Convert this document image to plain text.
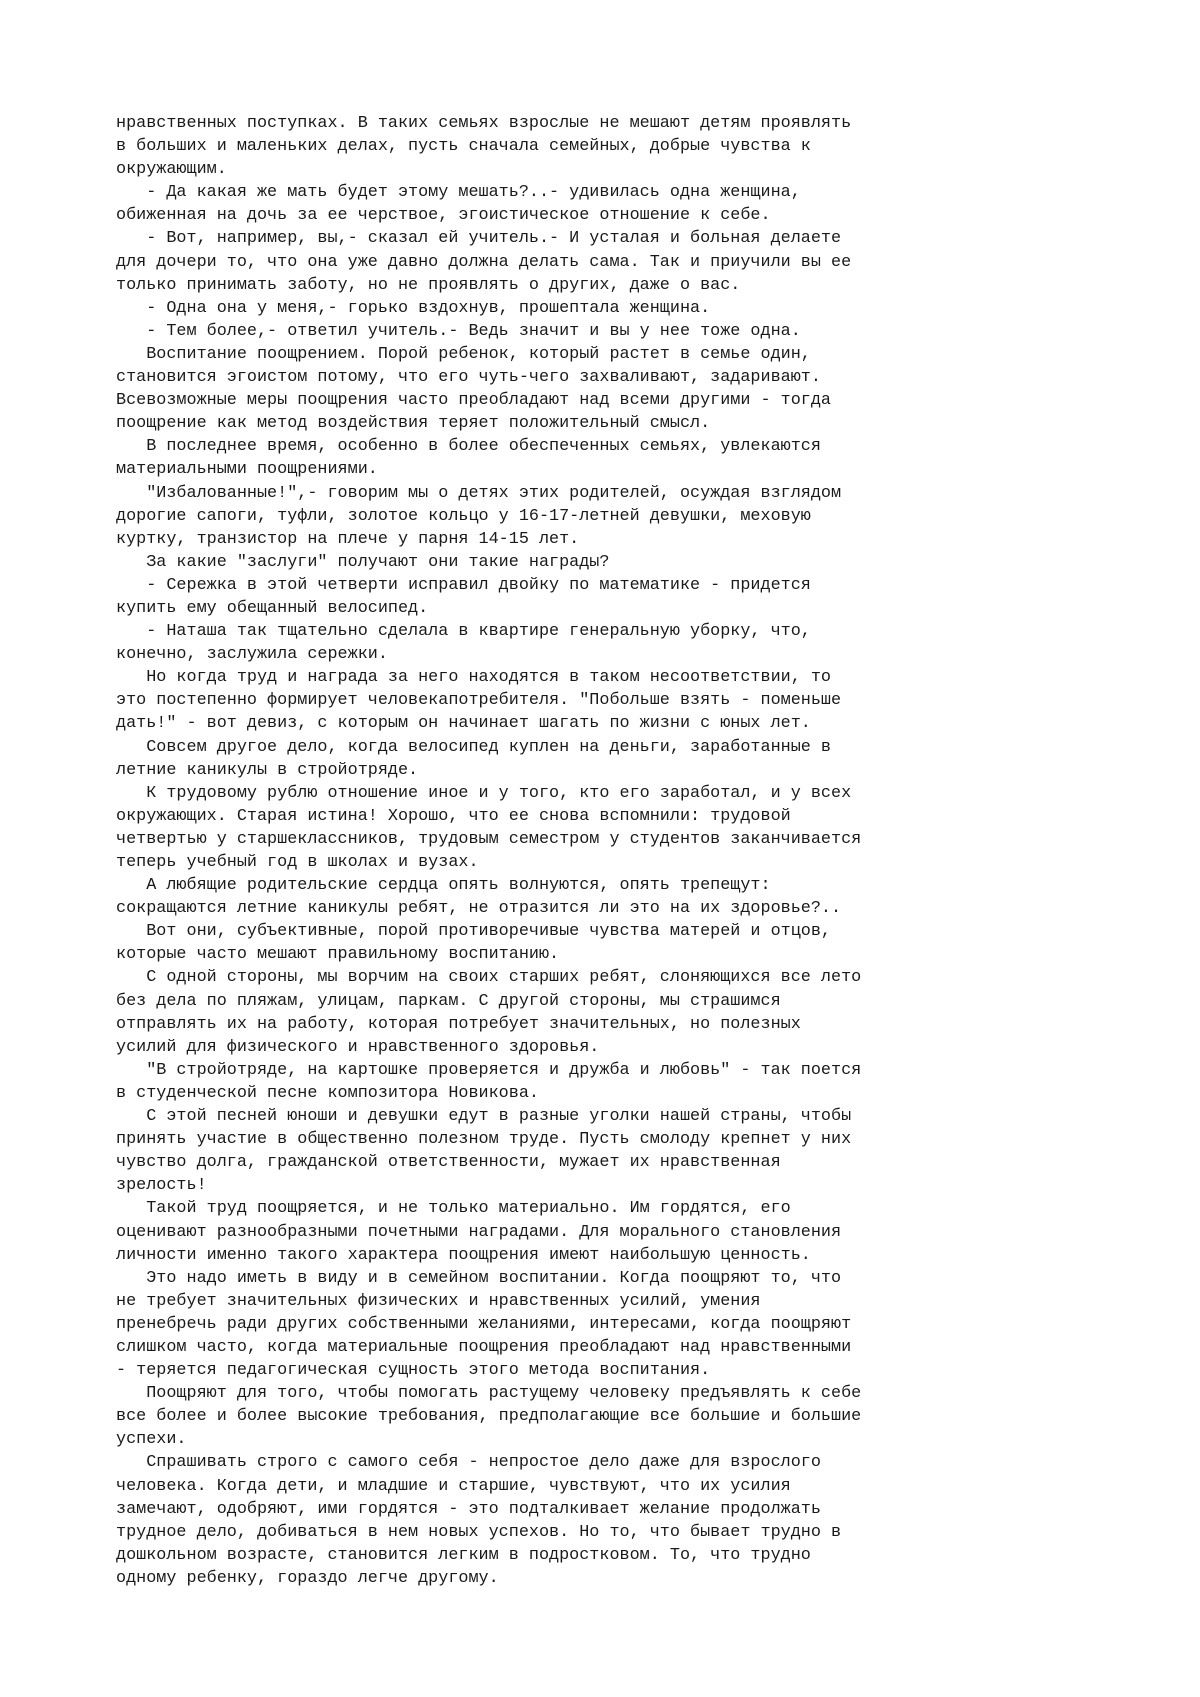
нравственных поступках. В таких семьях взрослые не мешают детям проявлять
в больших и маленьких делах, пусть сначала семейных, добрые чувства к
окружающим.
- Да какая же мать будет этому мешать?..- удивилась одна женщина,
обиженная на дочь за ее черствое, эгоистическое отношение к себе.
- Вот, например, вы,- сказал ей учитель.- И усталая и больная делаете
для дочери то, что она уже давно должна делать сама. Так и приучили вы ее
только принимать заботу, но не проявлять о других, даже о вас.
- Одна она у меня,- горько вздохнув, прошептала женщина.
- Тем более,- ответил учитель.- Ведь значит и вы у нее тоже одна.
Воспитание поощрением. Порой ребенок, который растет в семье один,
становится эгоистом потому, что его чуть-чего захваливают, задаривают.
Всевозможные меры поощрения часто преобладают над всеми другими - тогда
поощрение как метод воздействия теряет положительный смысл.
В последнее время, особенно в более обеспеченных семьях, увлекаются
материальными поощрениями.
"Избалованные!",- говорим мы о детях этих родителей, осуждая взглядом
дорогие сапоги, туфли, золотое кольцо у 16-17-летней девушки, меховую
куртку, транзистор на плече у парня 14-15 лет.
За какие "заслуги" получают они такие награды?
- Сережка в этой четверти исправил двойку по математике - придется
купить ему обещанный велосипед.
- Наташа так тщательно сделала в квартире генеральную уборку, что,
конечно, заслужила сережки.
Но когда труд и награда за него находятся в таком несоответствии, то
это постепенно формирует человекапотребителя. "Побольше взять - поменьше
дать!" - вот девиз, с которым он начинает шагать по жизни с юных лет.
Совсем другое дело, когда велосипед куплен на деньги, заработанные в
летние каникулы в стройотряде.
К трудовому рублю отношение иное и у того, кто его заработал, и у всех
окружающих. Старая истина! Хорошо, что ее снова вспомнили: трудовой
четвертью у старшеклассников, трудовым семестром у студентов заканчивается
теперь учебный год в школах и вузах.
А любящие родительские сердца опять волнуются, опять трепещут:
сокращаются летние каникулы ребят, не отразится ли это на их здоровье?..
Вот они, субъективные, порой противоречивые чувства матерей и отцов,
которые часто мешают правильному воспитанию.
С одной стороны, мы ворчим на своих старших ребят, слоняющихся все лето
без дела по пляжам, улицам, паркам. С другой стороны, мы страшимся
отправлять их на работу, которая потребует значительных, но полезных
усилий для физического и нравственного здоровья.
"В стройотряде, на картошке проверяется и дружба и любовь" - так поется
в студенческой песне композитора Новикова.
С этой песней юноши и девушки едут в разные уголки нашей страны, чтобы
принять участие в общественно полезном труде. Пусть смолоду крепнет у них
чувство долга, гражданской ответственности, мужает их нравственная
зрелость!
Такой труд поощряется, и не только материально. Им гордятся, его
оценивают разнообразными почетными наградами. Для морального становления
личности именно такого характера поощрения имеют наибольшую ценность.
Это надо иметь в виду и в семейном воспитании. Когда поощряют то, что
не требует значительных физических и нравственных усилий, умения
пренебречь ради других собственными желаниями, интересами, когда поощряют
слишком часто, когда материальные поощрения преобладают над нравственными
- теряется педагогическая сущность этого метода воспитания.
Поощряют для того, чтобы помогать растущему человеку предъявлять к себе
все более и более высокие требования, предполагающие все большие и большие
успехи.
Спрашивать строго с самого себя - непростое дело даже для взрослого
человека. Когда дети, и младшие и старшие, чувствуют, что их усилия
замечают, одобряют, ими гордятся - это подталкивает желание продолжать
трудное дело, добиваться в нем новых успехов. Но то, что бывает трудно в
дошкольном возрасте, становится легким в подростковом. То, что трудно
одному ребенку, гораздо легче другому.
